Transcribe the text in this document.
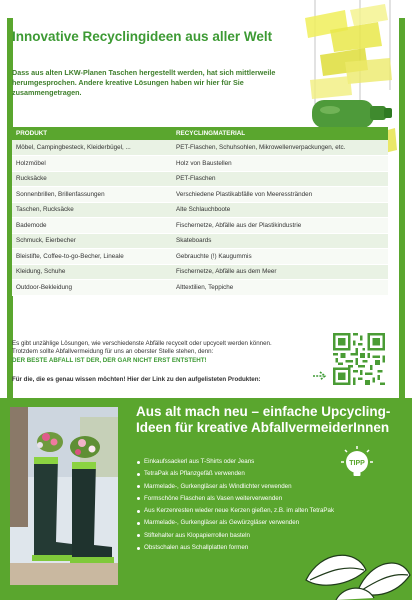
Innovative Recyclingideen aus aller Welt
Dass aus alten LKW-Planen Taschen hergestellt werden, hat sich mittlerweile herumgesprochen. Andere kreative Lösungen haben wir hier für Sie zusammengetragen.
PRODUKT	RECYCLINGMATERIAL
Möbel, Campingbesteck, Kleiderbügel, ...	PET-Flaschen, Schuhsohlen, Mikrowellenverpackungen, etc.
Holzmöbel	Holz von Baustellen
Rucksäcke	PET-Flaschen
Sonnenbrillen, Brillenfassungen	Verschiedene Plastikabfälle von Meeresstränden
Taschen, Rucksäcke	Alte Schlauchboote
Bademode	Fischernetze, Abfälle aus der Plastikindustrie
Schmuck, Eierbecher	Skateboards
Bleistifte, Coffee-to-go-Becher, Lineale	Gebrauchte (!) Kaugummis
Kleidung, Schuhe	Fischernetze, Abfälle aus dem Meer
Outdoor-Bekleidung	Alttextilien, Teppiche
Es gibt unzählige Lösungen, wie verschiedenste Abfälle recycelt oder upcycelt werden können.
Trotzdem sollte Abfallvermeidung für uns an oberster Stelle stehen, denn:
DER BESTE ABFALL IST DER, DER GAR NICHT ERST ENTSTEHT!
Für die, die es genau wissen möchten! Hier der Link zu den aufgelisteten Produkten:
Aus alt mach neu – einfache Upcycling-Ideen für kreative AbfallvermeiderInnen
TIPP
Einkaufssackerl aus T-Shirts oder Jeans
TetraPak als Pflanzgefäß verwenden
Marmelade-, Gurkengläser als Windlichter verwenden
Formschöne Flaschen als Vasen weiterverwenden
Aus Kerzenresten wieder neue Kerzen gießen, z.B. im alten TetraPak
Marmelade-, Gurkengläser als Gewürzgläser verwenden
Stiftehalter aus Klopapierrollen basteln
Obstschalen aus Schallplatten formen
